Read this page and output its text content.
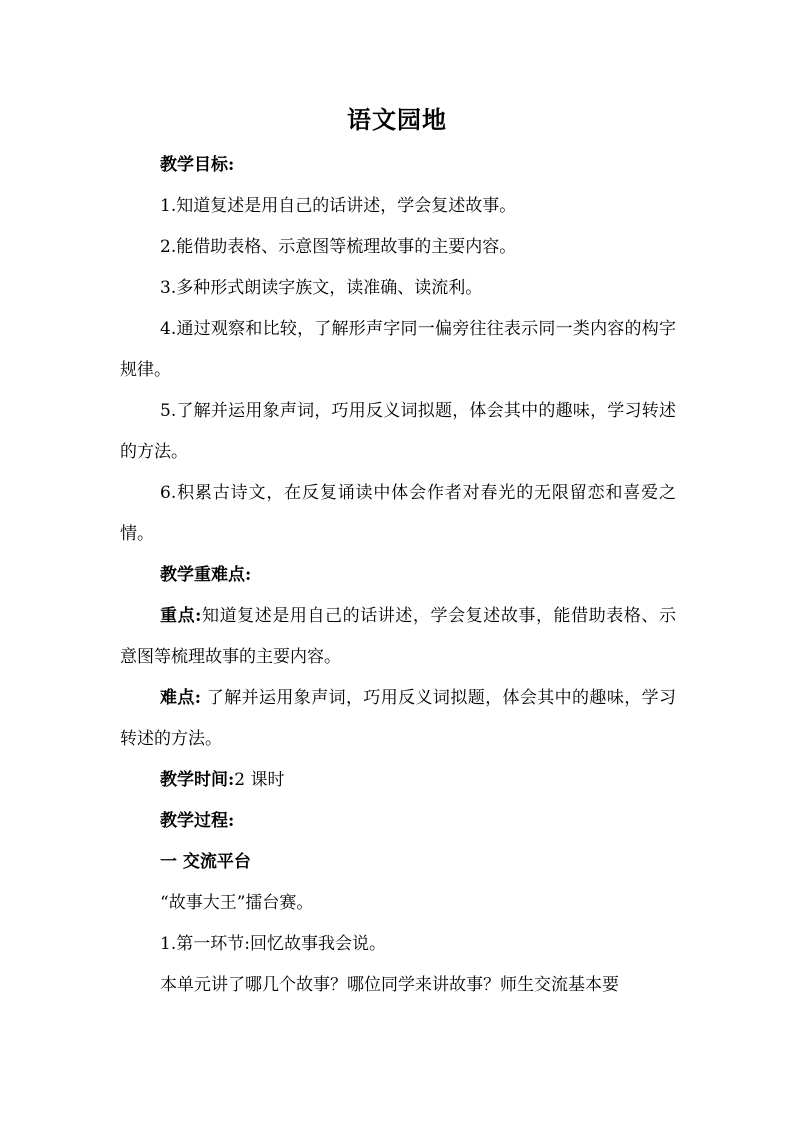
语文园地

教学目标:

1.知道复述是用自己的话讲述，学会复述故事。

2.能借助表格、示意图等梳理故事的主要内容。

3.多种形式朗读字族文，读准确、读流利。

4.通过观察和比较，了解形声字同一偏旁往往表示同一类内容的构字规律。

5.了解并运用象声词，巧用反义词拟题，体会其中的趣味，学习转述的方法。

6.积累古诗文，在反复诵读中体会作者对春光的无限留恋和喜爱之情。

教学重难点:

重点:知道复述是用自己的话讲述，学会复述故事，能借助表格、示意图等梳理故事的主要内容。

难点: 了解并运用象声词，巧用反义词拟题，体会其中的趣味，学习转述的方法。

教学时间:2 课时

教学过程:

一 交流平台

“故事大王”擂台赛。

1.第一环节:回忆故事我会说。

本单元讲了哪几个故事？哪位同学来讲故事？师生交流基本要
